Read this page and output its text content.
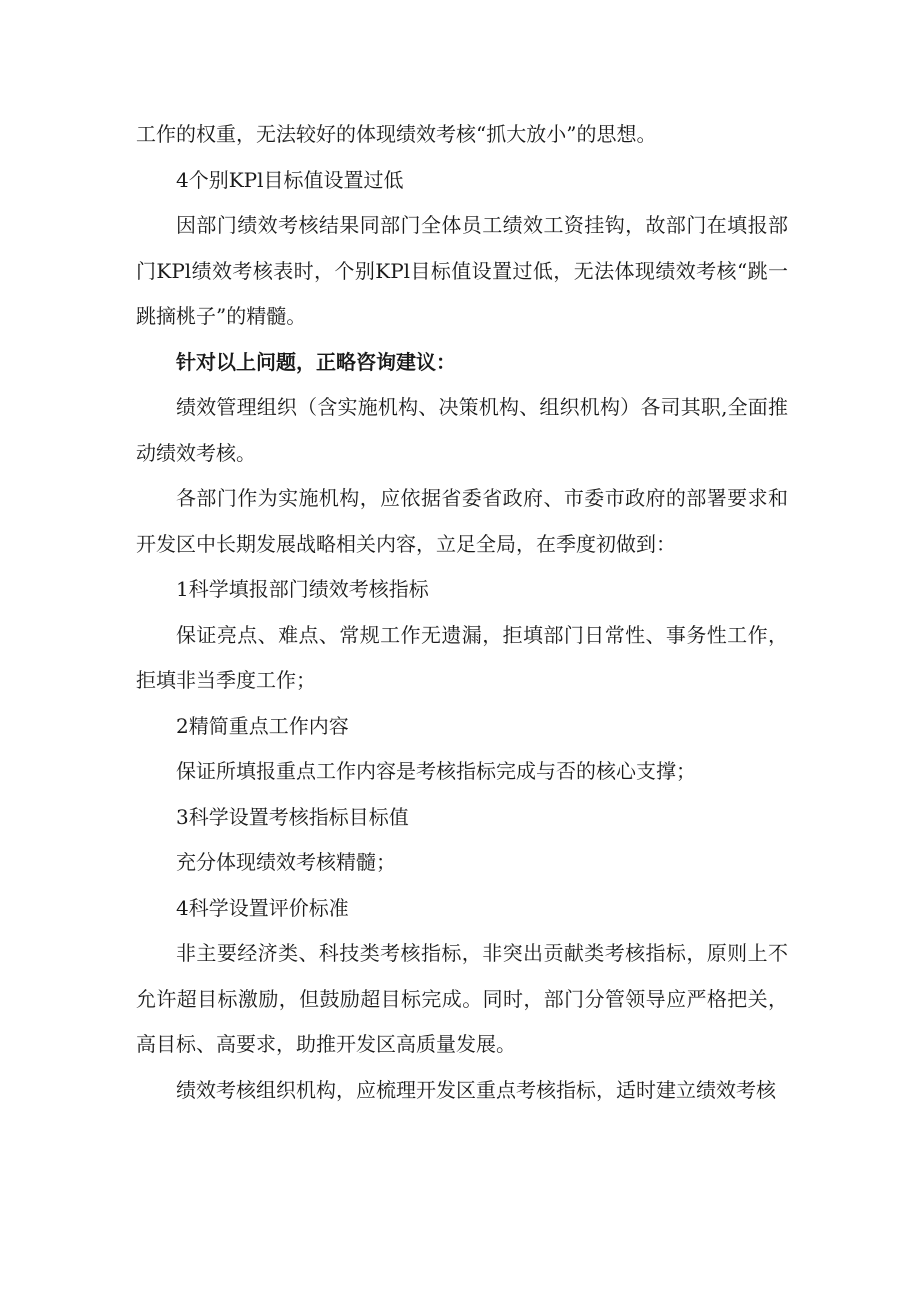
工作的权重，无法较好的体现绩效考核“抓大放小”的思想。

4个别KPl目标值设置过低

因部门绩效考核结果同部门全体员工绩效工资挂钩，故部门在填报部门KPl绩效考核表时，个别KPl目标值设置过低，无法体现绩效考核“跳一跳摘桃子”的精髓。

针对以上问题，正略咨询建议：

绩效管理组织（含实施机构、决策机构、组织机构）各司其职,全面推动绩效考核。

各部门作为实施机构，应依据省委省政府、市委市政府的部署要求和开发区中长期发展战略相关内容，立足全局，在季度初做到：

1科学填报部门绩效考核指标

保证亮点、难点、常规工作无遗漏，拒填部门日常性、事务性工作，拒填非当季度工作；

2精简重点工作内容

保证所填报重点工作内容是考核指标完成与否的核心支撑；

3科学设置考核指标目标值

充分体现绩效考核精髓；

4科学设置评价标准

非主要经济类、科技类考核指标，非突出贡献类考核指标，原则上不允许超目标激励，但鼓励超目标完成。同时，部门分管领导应严格把关，高目标、高要求，助推开发区高质量发展。

绩效考核组织机构，应梳理开发区重点考核指标，适时建立绩效考核
